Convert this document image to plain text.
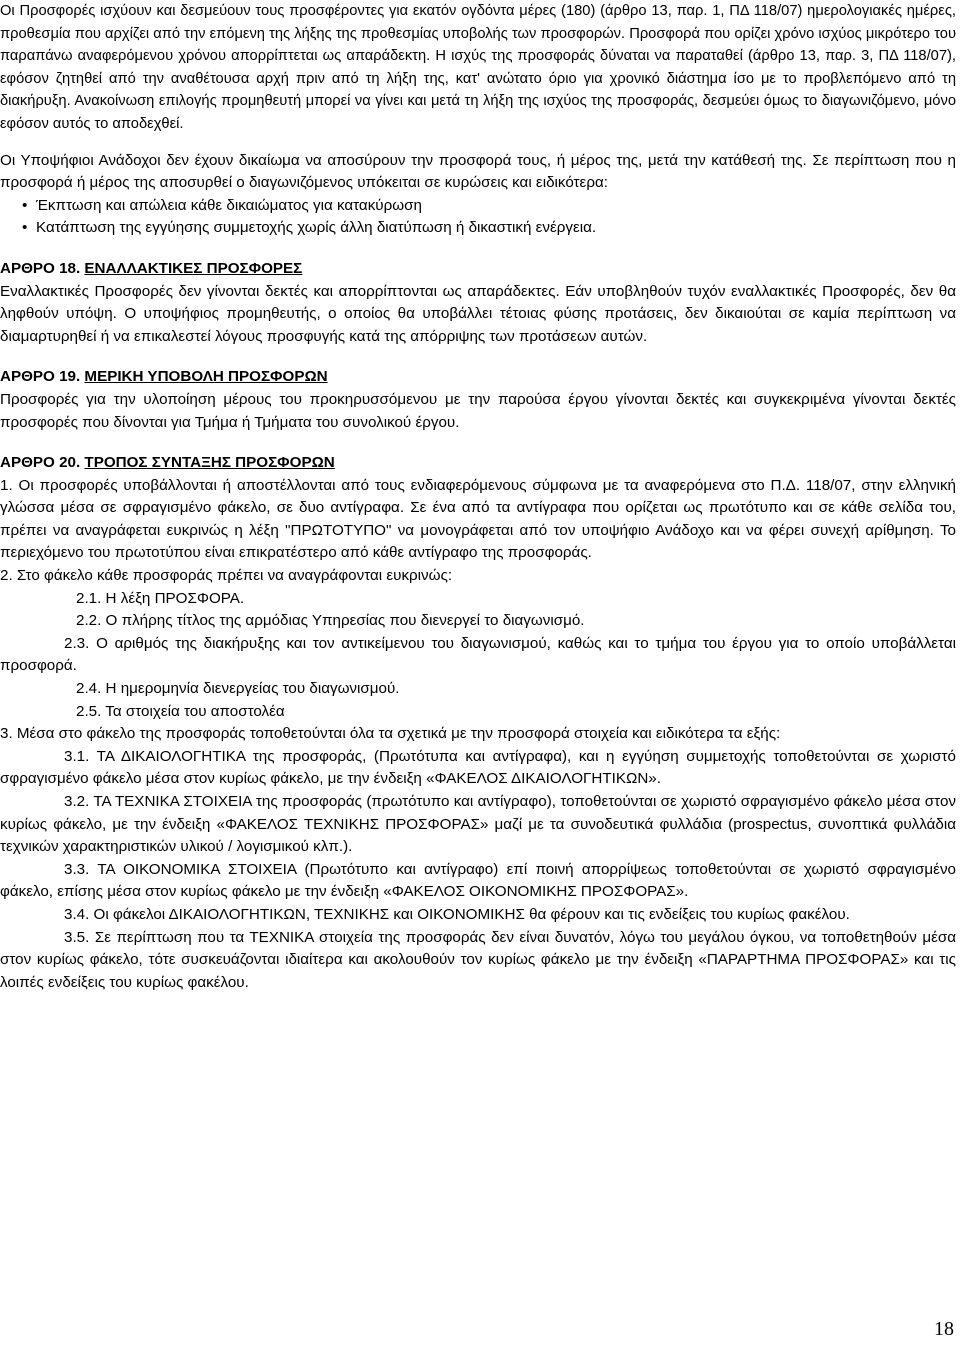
Οι Προσφορές ισχύουν και δεσμεύουν τους προσφέροντες για εκατόν ογδόντα μέρες (180) (άρθρο 13, παρ. 1, ΠΔ 118/07) ημερολογιακές ημέρες, προθεσμία που αρχίζει από την επόμενη της λήξης της προθεσμίας υποβολής των προσφορών. Προσφορά που ορίζει χρόνο ισχύος μικρότερο του παραπάνω αναφερόμενου χρόνου απορρίπτεται ως απαράδεκτη. Η ισχύς της προσφοράς δύναται να παραταθεί (άρθρο 13, παρ. 3, ΠΔ 118/07), εφόσον ζητηθεί από την αναθέτουσα αρχή πριν από τη λήξη της, κατ' ανώτατο όριο για χρονικό διάστημα ίσο με το προβλεπόμενο από τη διακήρυξη. Ανακοίνωση επιλογής προμηθευτή μπορεί να γίνει και μετά τη λήξη της ισχύος της προσφοράς, δεσμεύει όμως το διαγωνιζόμενο, μόνο εφόσον αυτός το αποδεχθεί.

Οι Υποψήφιοι Ανάδοχοι δεν έχουν δικαίωμα να αποσύρουν την προσφορά τους, ή μέρος της, μετά την κατάθεσή της. Σε περίπτωση που η προσφορά ή μέρος της αποσυρθεί ο διαγωνιζόμενος υπόκειται σε κυρώσεις και ειδικότερα:

• Έκπτωση και απώλεια κάθε δικαιώματος για κατακύρωση
• Κατάπτωση της εγγύησης συμμετοχής χωρίς άλλη διατύπωση ή δικαστική ενέργεια.

ΑΡΘΡΟ 18. ΕΝΑΛΛΑΚΤΙΚΕΣ ΠΡΟΣΦΟΡΕΣ

Εναλλακτικές Προσφορές δεν γίνονται δεκτές και απορρίπτονται ως απαράδεκτες. Εάν υποβληθούν τυχόν εναλλακτικές Προσφορές, δεν θα ληφθούν υπόψη. Ο υποψήφιος προμηθευτής, ο οποίος θα υποβάλλει τέτοιας φύσης προτάσεις, δεν δικαιούται σε καμία περίπτωση να διαμαρτυρηθεί ή να επικαλεστεί λόγους προσφυγής κατά της απόρριψης των προτάσεων αυτών.

ΑΡΘΡΟ 19. ΜΕΡΙΚΗ ΥΠΟΒΟΛΗ ΠΡΟΣΦΟΡΩΝ

Προσφορές για την υλοποίηση μέρους του προκηρυσσόμενου με την παρούσα έργου γίνονται δεκτές και συγκεκριμένα γίνονται δεκτές προσφορές που δίνονται για Τμήμα ή Τμήματα του συνολικού έργου.

ΑΡΘΡΟ 20. ΤΡΟΠΟΣ ΣΥΝΤΑΞΗΣ ΠΡΟΣΦΟΡΩΝ

1. Οι προσφορές υποβάλλονται ή αποστέλλονται από τους ενδιαφερόμενους σύμφωνα με τα αναφερόμενα στο Π.Δ. 118/07, στην ελληνική γλώσσα μέσα σε σφραγισμένο φάκελο, σε δυο αντίγραφα. Σε ένα από τα αντίγραφα που ορίζεται ως πρωτότυπο και σε κάθε σελίδα του, πρέπει να αναγράφεται ευκρινώς η λέξη "ΠΡΩΤΟΤΥΠΟ" να μονογράφεται από τον υποψήφιο Ανάδοχο και να φέρει συνεχή αρίθμηση. Το περιεχόμενο του πρωτοτύπου είναι επικρατέστερο από κάθε αντίγραφο της προσφοράς.

2. Στο φάκελο κάθε προσφοράς πρέπει να αναγράφονται ευκρινώς:

2.1. Η λέξη ΠΡΟΣΦΟΡΑ.

2.2. Ο πλήρης τίτλος της αρμόδιας Υπηρεσίας που διενεργεί το διαγωνισμό.

2.3. Ο αριθμός της διακήρυξης και τον αντικείμενου του διαγωνισμού, καθώς και το τμήμα του έργου για το οποίο υποβάλλεται προσφορά.

2.4. Η ημερομηνία διενεργείας του διαγωνισμού.

2.5. Τα στοιχεία του αποστολέα

3. Μέσα στο φάκελο της προσφοράς τοποθετούνται όλα τα σχετικά με την προσφορά στοιχεία και ειδικότερα τα εξής:

3.1. ΤΑ ΔΙΚΑΙΟΛΟΓΗΤΙΚΑ της προσφοράς, (Πρωτότυπα και αντίγραφα), και η εγγύηση συμμετοχής τοποθετούνται σε χωριστό σφραγισμένο φάκελο μέσα στον κυρίως φάκελο, με την ένδειξη «ΦΑΚΕΛΟΣ ΔΙΚΑΙΟΛΟΓΗΤΙΚΩΝ».

3.2. ΤΑ ΤΕΧΝΙΚΑ ΣΤΟΙΧΕΙΑ της προσφοράς (πρωτότυπο και αντίγραφο), τοποθετούνται σε χωριστό σφραγισμένο φάκελο μέσα στον κυρίως φάκελο, με την ένδειξη «ΦΑΚΕΛΟΣ ΤΕΧΝΙΚΗΣ ΠΡΟΣΦΟΡΑΣ» μαζί με τα συνοδευτικά φυλλάδια (prospectus, συνοπτικά φυλλάδια τεχνικών χαρακτηριστικών υλικού / λογισμικού κλπ.).

3.3. ΤΑ ΟΙΚΟΝΟΜΙΚΑ ΣΤΟΙΧΕΙΑ (Πρωτότυπο και αντίγραφο) επί ποινή απορρίψεως τοποθετούνται σε χωριστό σφραγισμένο φάκελο, επίσης μέσα στον κυρίως φάκελο με την ένδειξη «ΦΑΚΕΛΟΣ ΟΙΚΟΝΟΜΙΚΗΣ ΠΡΟΣΦΟΡΑΣ».

3.4. Οι φάκελοι ΔΙΚΑΙΟΛΟΓΗΤΙΚΩΝ, ΤΕΧΝΙΚΗΣ και ΟΙΚΟΝΟΜΙΚΗΣ θα φέρουν και τις ενδείξεις του κυρίως φακέλου.

3.5. Σε περίπτωση που τα ΤΕΧΝΙΚΑ στοιχεία της προσφοράς δεν είναι δυνατόν, λόγω του μεγάλου όγκου, να τοποθετηθούν μέσα στον κυρίως φάκελο, τότε συσκευάζονται ιδιαίτερα και ακολουθούν τον κυρίως φάκελο με την ένδειξη «ΠΑΡΑΡΤΗΜΑ ΠΡΟΣΦΟΡΑΣ» και τις λοιπές ενδείξεις του κυρίως φακέλου.

18
